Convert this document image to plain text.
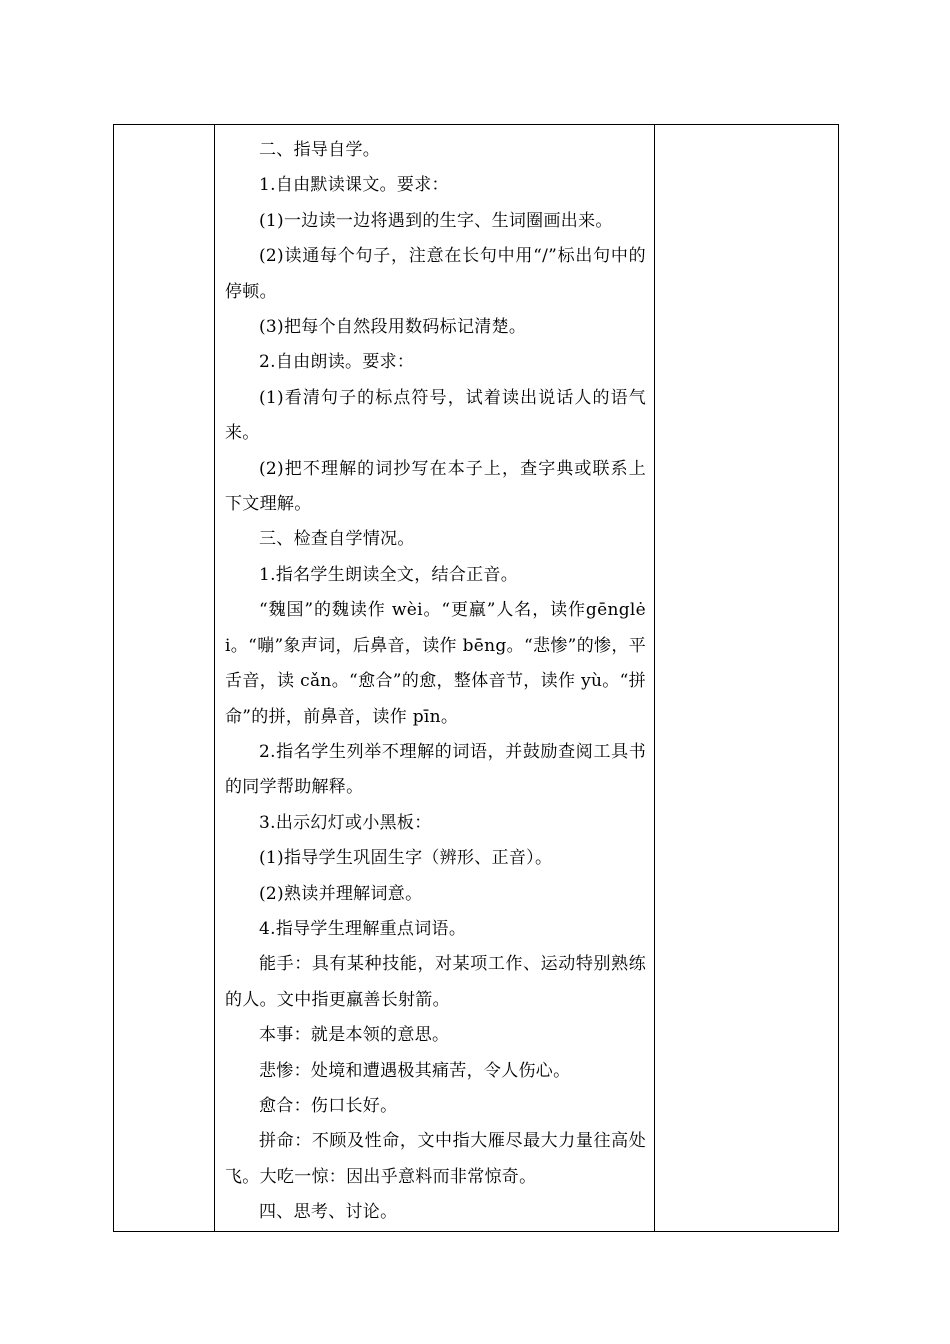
二、指导自学。

1.自由默读课文。要求：

(1)一边读一边将遇到的生字、生词圈画出来。

(2)读通每个句子，注意在长句中用“/”标出句中的停顿。

(3)把每个自然段用数码标记清楚。

2.自由朗读。要求：

(1)看清句子的标点符号，试着读出说话人的语气来。

(2)把不理解的词抄写在本子上，查字典或联系上下文理解。

三、检查自学情况。

1.指名学生朗读全文，结合正音。

“魏国”的魏读作 wèi。“更羸”人名，读作gēnglėi。“嘣”象声词，后鼻音，读作 bēng。“悲惨”的惨，平舌音，读 cǎn。“愈合”的愈，整体音节，读作 yù。“拼命”的拼，前鼻音，读作 pīn。

2.指名学生列举不理解的词语，并鼓励查阅工具书的同学帮助解释。

3.出示幻灯或小黑板：

(1)指导学生巩固生字（辨形、正音）。

(2)熟读并理解词意。

4.指导学生理解重点词语。

能手：具有某种技能，对某项工作、运动特别熟练的人。文中指更羸善长射箭。

本事：就是本领的意思。

悲惨：处境和遭遇极其痛苦，令人伤心。

愈合：伤口长好。

拼命：不顾及性命，文中指大雁尽最大力量往高处飞。大吃一惊：因出乎意料而非常惊奇。

四、思考、讨论。
